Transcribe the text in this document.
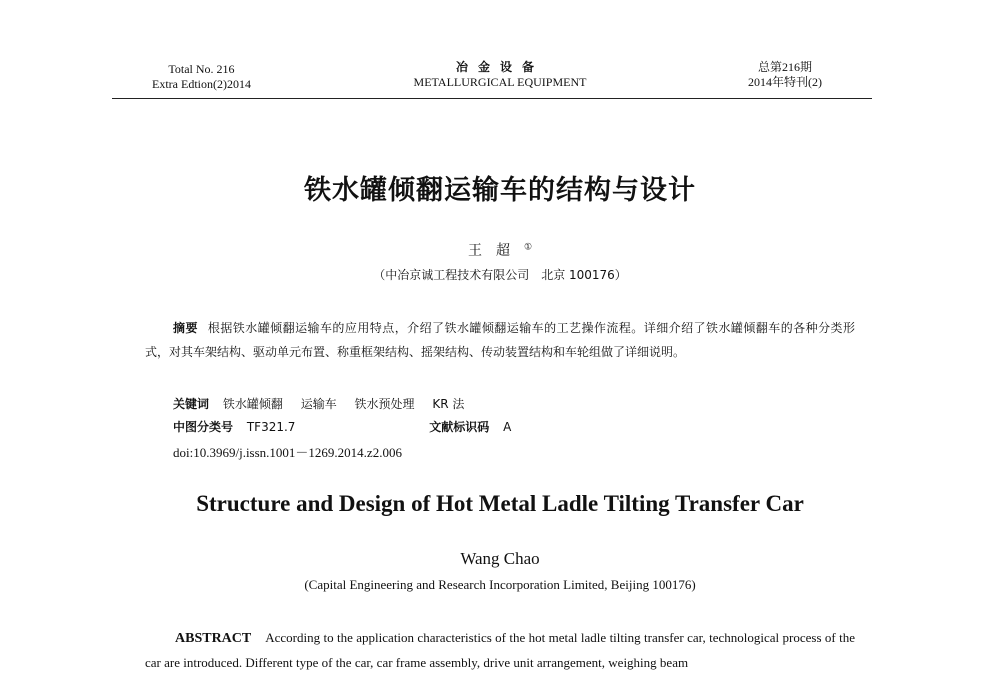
Total No. 216
Extra Edtion(2)2014
冶金设备
METALLURGICAL EQUIPMENT
总第216期
2014年特刊(2)
铁水罐倾翻运输车的结构与设计
王超①
（中冶京诚工程技术有限公司　北京 100176）
摘要 根据铁水罐倾翻运输车的应用特点，介绍了铁水罐倾翻运输车的工艺操作流程。详细介绍了铁水罐倾翻车的各种分类形式，对其车架结构、驱动单元布置、称重框架结构、摇架结构、传动装置结构和车轮组做了详细说明。
关键词 铁水罐倾翻 运输车 铁水预处理 KR 法
中图分类号 TF321.7	文献标识码 A
doi:10.3969/j.issn.1001－1269.2014.z2.006
Structure and Design of Hot Metal Ladle Tilting Transfer Car
Wang Chao
(Capital Engineering and Research Incorporation Limited, Beijing 100176)
ABSTRACT According to the application characteristics of the hot metal ladle tilting transfer car, technological process of the car are introduced. Different type of the car, car frame assembly, drive unit arrangement, weighing beam
